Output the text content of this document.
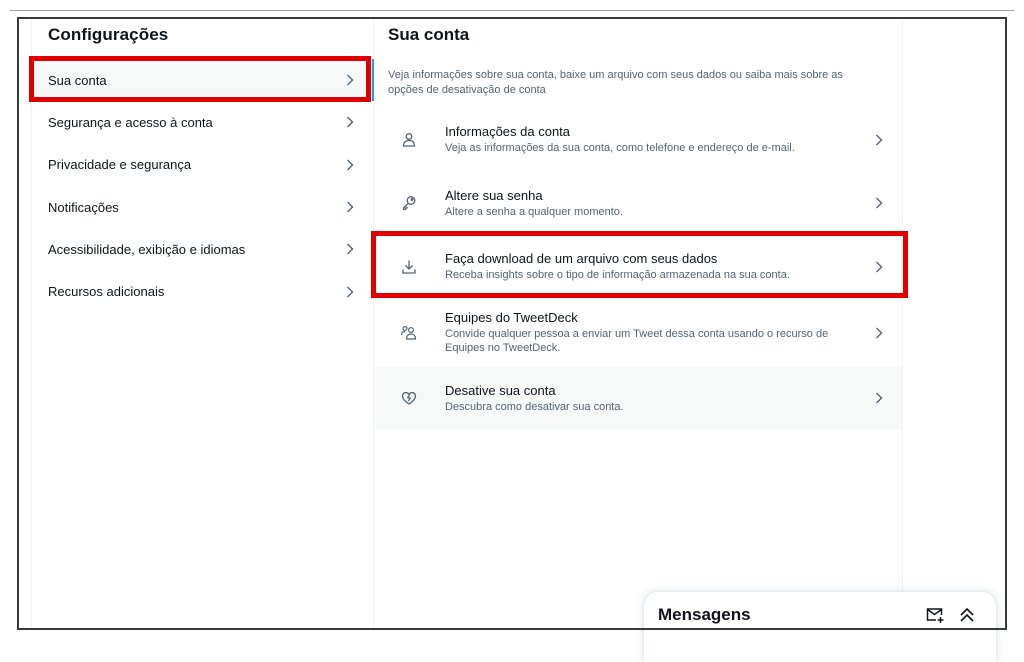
Configurações
Sua conta
Segurança e acesso à conta
Privacidade e segurança
Notificações
Acessibilidade, exibição e idiomas
Recursos adicionais
Sua conta
Veja informações sobre sua conta, baixe um arquivo com seus dados ou saiba mais sobre as opções de desativação de conta
Informações da conta
Veja as informações da sua conta, como telefone e endereço de e-mail.
Altere sua senha
Altere a senha a qualquer momento.
Faça download de um arquivo com seus dados
Receba insights sobre o tipo de informação armazenada na sua conta.
Equipes do TweetDeck
Convide qualquer pessoa a enviar um Tweet dessa conta usando o recurso de Equipes no TweetDeck.
Desative sua conta
Descubra como desativar sua conta.
Mensagens
